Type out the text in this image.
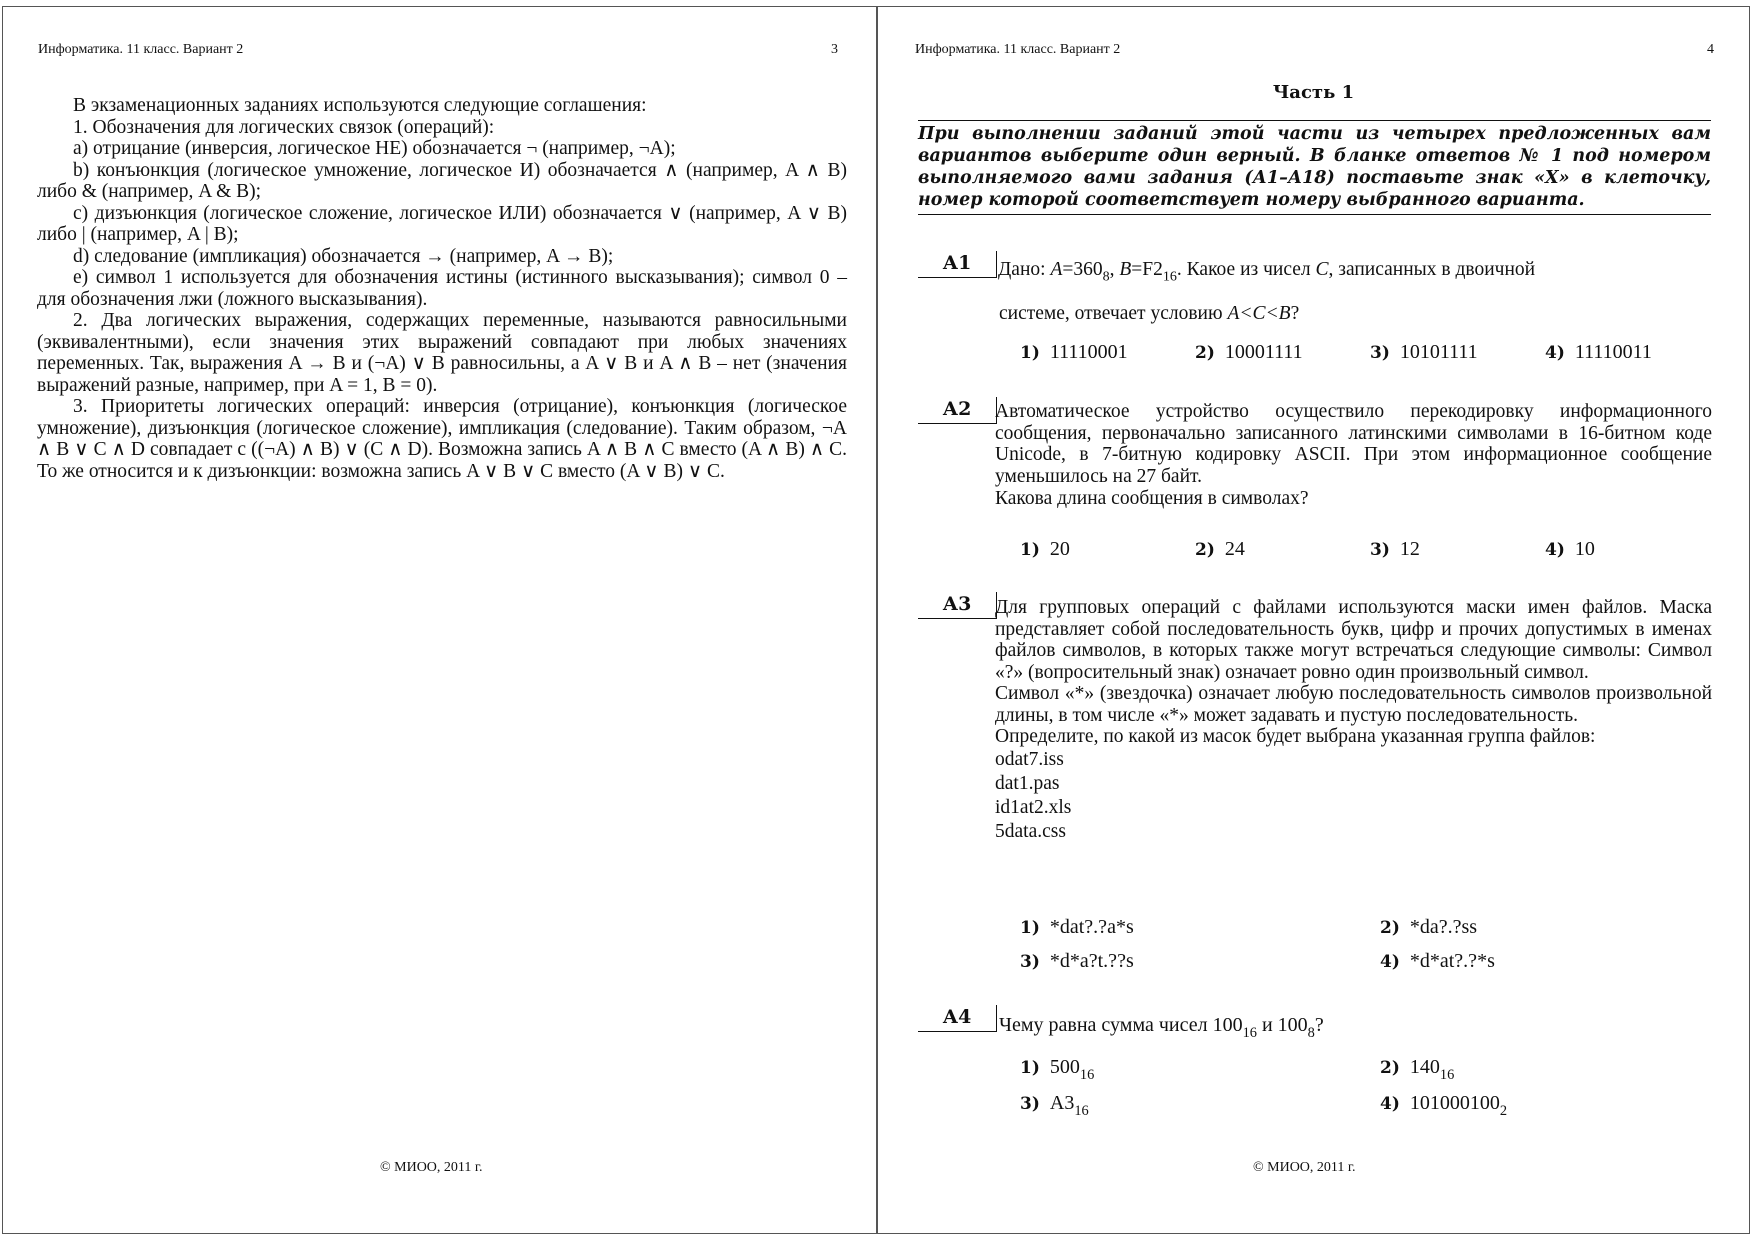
Информатика. 11 класс. Вариант 2	3

В экзаменационных заданиях используются следующие соглашения:

1. Обозначения для логических связок (операций):

a) отрицание (инверсия, логическое НЕ) обозначается ¬ (например, ¬A);

b) конъюнкция (логическое умножение, логическое И) обозначается ∧ (например, A ∧ B) либо & (например, A & B);

c) дизъюнкция (логическое сложение, логическое ИЛИ) обозначается ∨ (например, A ∨ B) либо | (например, A | B);

d) следование (импликация) обозначается → (например, A → B);

e) символ 1 используется для обозначения истины (истинного высказывания); символ 0 – для обозначения лжи (ложного высказывания).

2. Два логических выражения, содержащих переменные, называются равносильными (эквивалентными), если значения этих выражений совпадают при любых значениях переменных. Так, выражения A → B и (¬A) ∨ B равносильны, а A ∨ B и A ∧ B – нет (значения выражений разные, например, при A = 1, B = 0).

3. Приоритеты логических операций: инверсия (отрицание), конъюнкция (логическое умножение), дизъюнкция (логическое сложение), импликация (следование). Таким образом, ¬A ∧ B ∨ C ∧ D совпадает с ((¬A) ∧ B) ∨ (C ∧ D). Возможна запись A ∧ B ∧ C вместо (A ∧ B) ∧ C. То же относится и к дизъюнкции: возможна запись A ∨ B ∨ C вместо (A ∨ B) ∨ C.

© МИОО, 2011 г.
Информатика. 11 класс. Вариант 2	4
Часть 1
При выполнении заданий этой части из четырех предложенных вам вариантов выберите один верный. В бланке ответов № 1 под номером выполняемого вами задания (А1–А18) поставьте знак «X» в клеточку, номер которой соответствует номеру выбранного варианта.
А1	Дано: $A=360_8$, $B=F2_{16}$. Какое из чисел C, записанных в двоичной

системе, отвечает условию A<C<B?

1) 11110001	2) 10001111	3) 10101111	4) 11110011
А2	Автоматическое устройство осуществило перекодировку информационного сообщения, первоначально записанного латинскими символами в 16-битном коде Unicode, в 7-битную кодировку ASCII. При этом информационное сообщение уменьшилось на 27 байт.

Какова длина сообщения в символах?

1) 20	2) 24	3) 12	4) 10
А3	Для групповых операций с файлами используются маски имен файлов. Маска представляет собой последовательность букв, цифр и прочих допустимых в именах файлов символов, в которых также могут встречаться следующие символы: Символ «?» (вопросительный знак) означает ровно один произвольный символ.

Символ «*» (звездочка) означает любую последовательность символов произвольной длины, в том числе «*» может задавать и пустую последовательность.

Определите, по какой из масок будет выбрана указанная группа файлов:

odat7.iss
dat1.pas
id1at2.xls
5data.css
1) *dat?.?a*s	2) *da?.?ss
3) *d*a?t.??s	4) *d*at?.?*s
А4	Чему равна сумма чисел $100_{16}$ и $100_8$?

1) $500_{16}$	2) $140_{16}$
3) $A3_{16}$	4) $101000100_2$
© МИОО, 2011 г.
